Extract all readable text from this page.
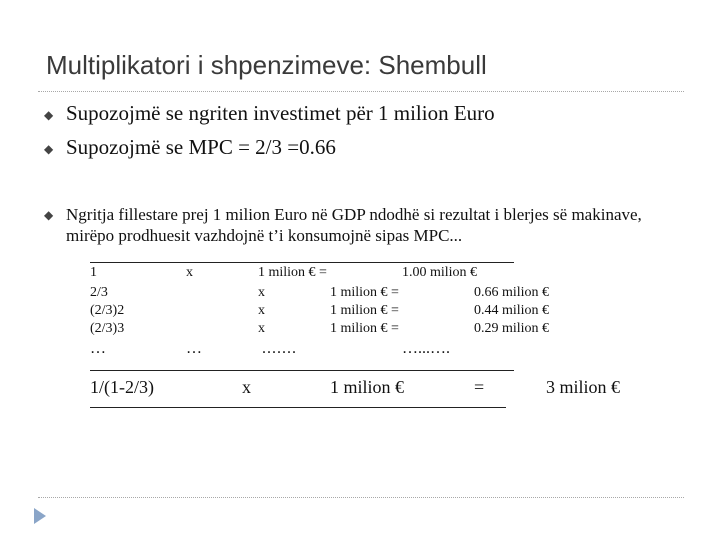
Multiplikatori i shpenzimeve: Shembull
◆ Supozojmë se ngriten investimet për 1 milion Euro
◆ Supozojmë se MPC = 2/3 =0.66
◆ Ngritja fillestare prej 1 milion Euro në GDP ndodhë si rezultat i blerjes së makinave, mirëpo prodhuesit vazhdojnë t’i konsumojnë sipas MPC...
1	x	1 milion € =	1.00 milion €
2/3	x	1 milion € =	0.66 milion €
(2/3)2	x	1 milion € =	0.44 milion €
(2/3)3	x	1 milion € =	0.29 milion €
…	…	.......	…...….
1/(1-2/3)	x	1 milion €	=	3 milion €
